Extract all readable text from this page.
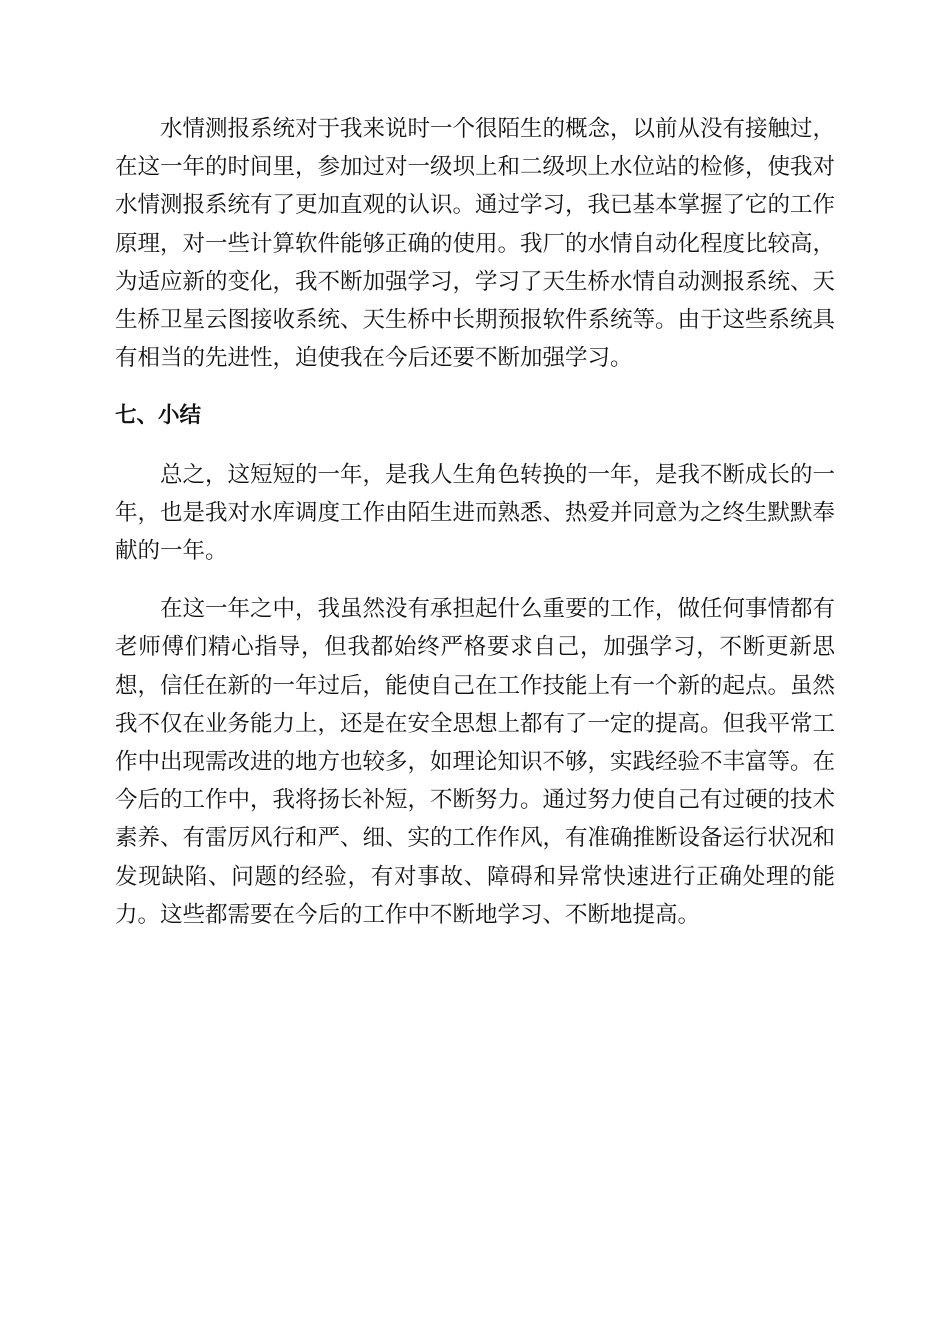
水情测报系统对于我来说时一个很陌生的概念，以前从没有接触过，在这一年的时间里，参加过对一级坝上和二级坝上水位站的检修，使我对水情测报系统有了更加直观的认识。通过学习，我已基本掌握了它的工作原理，对一些计算软件能够正确的使用。我厂的水情自动化程度比较高，为适应新的变化，我不断加强学习，学习了天生桥水情自动测报系统、天生桥卫星云图接收系统、天生桥中长期预报软件系统等。由于这些系统具有相当的先进性，迫使我在今后还要不断加强学习。

七、小结

总之，这短短的一年，是我人生角色转换的一年，是我不断成长的一年，也是我对水库调度工作由陌生进而熟悉、热爱并同意为之终生默默奉献的一年。

在这一年之中，我虽然没有承担起什么重要的工作，做任何事情都有老师傅们精心指导，但我都始终严格要求自己，加强学习，不断更新思想，信任在新的一年过后，能使自己在工作技能上有一个新的起点。虽然我不仅在业务能力上，还是在安全思想上都有了一定的提高。但我平常工作中出现需改进的地方也较多，如理论知识不够，实践经验不丰富等。在今后的工作中，我将扬长补短，不断努力。通过努力使自己有过硬的技术素养、有雷厉风行和严、细、实的工作作风，有准确推断设备运行状况和发现缺陷、问题的经验，有对事故、障碍和异常快速进行正确处理的能力。这些都需要在今后的工作中不断地学习、不断地提高。
